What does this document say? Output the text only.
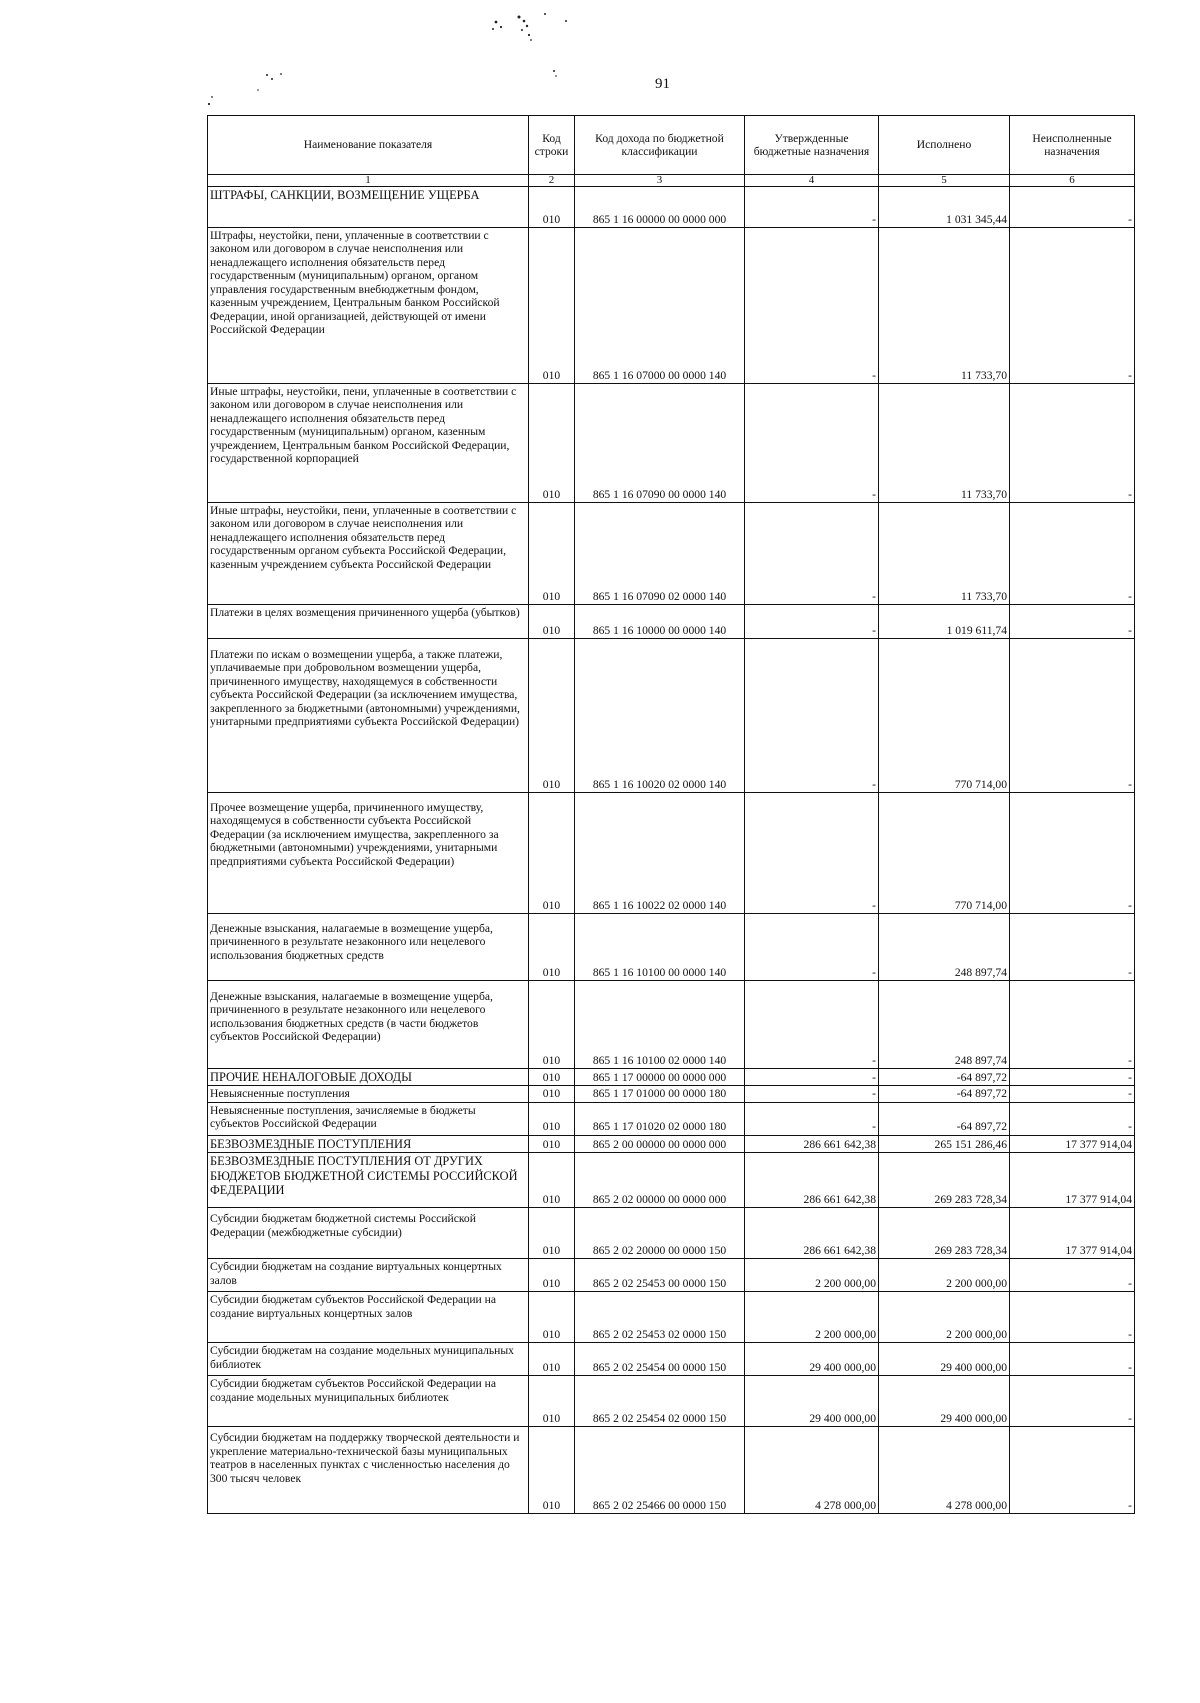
91
Наименование показателя	Код строки	Код дохода по бюджетной классификации	Утвержденные бюджетные назначения	Исполнено	Неисполненные назначения
1	2	3	4	5	6
ШТРАФЫ, САНКЦИИ, ВОЗМЕЩЕНИЕ УЩЕРБА	010	865 1 16 00000 00 0000 000	-	1 031 345,44	-
Штрафы, неустойки, пени, уплаченные в соответствии с законом или договором в случае неисполнения или ненадлежащего исполнения обязательств перед государственным (муниципальным) органом, органом управления государственным внебюджетным фондом, казенным учреждением, Центральным банком Российской Федерации, иной организацией, действующей от имени Российской Федерации	010	865 1 16 07000 00 0000 140	-	11 733,70	-
Иные штрафы, неустойки, пени, уплаченные в соответствии с законом или договором в случае неисполнения или ненадлежащего исполнения обязательств перед государственным (муниципальным) органом, казенным учреждением, Центральным банком Российской Федерации, государственной корпорацией	010	865 1 16 07090 00 0000 140	-	11 733,70	-
Иные штрафы, неустойки, пени, уплаченные в соответствии с законом или договором в случае неисполнения или ненадлежащего исполнения обязательств перед государственным органом субъекта Российской Федерации, казенным учреждением субъекта Российской Федерации	010	865 1 16 07090 02 0000 140	-	11 733,70	-
Платежи в целях возмещения причиненного ущерба (убытков)	010	865 1 16 10000 00 0000 140	-	1 019 611,74	-
Платежи по искам о возмещении ущерба, а также платежи, уплачиваемые при добровольном возмещении ущерба, причиненного имуществу, находящемуся в собственности субъекта Российской Федерации (за исключением имущества, закрепленного за бюджетными (автономными) учреждениями, унитарными предприятиями субъекта Российской Федерации)	010	865 1 16 10020 02 0000 140	-	770 714,00	-
Прочее возмещение ущерба, причиненного имуществу, находящемуся в собственности субъекта Российской Федерации (за исключением имущества, закрепленного за бюджетными (автономными) учреждениями, унитарными предприятиями субъекта Российской Федерации)	010	865 1 16 10022 02 0000 140	-	770 714,00	-
Денежные взыскания, налагаемые в возмещение ущерба, причиненного в результате незаконного или нецелевого использования бюджетных средств	010	865 1 16 10100 00 0000 140	-	248 897,74	-
Денежные взыскания, налагаемые в возмещение ущерба, причиненного в результате незаконного или нецелевого использования бюджетных средств (в части бюджетов субъектов Российской Федерации)	010	865 1 16 10100 02 0000 140	-	248 897,74	-
ПРОЧИЕ НЕНАЛОГОВЫЕ ДОХОДЫ	010	865 1 17 00000 00 0000 000	-	-64 897,72	-
Невыясненные поступления	010	865 1 17 01000 00 0000 180	-	-64 897,72	-
Невыясненные поступления, зачисляемые в бюджеты субъектов Российской Федерации	010	865 1 17 01020 02 0000 180	-	-64 897,72	-
БЕЗВОЗМЕЗДНЫЕ ПОСТУПЛЕНИЯ	010	865 2 00 00000 00 0000 000	286 661 642,38	265 151 286,46	17 377 914,04
БЕЗВОЗМЕЗДНЫЕ ПОСТУПЛЕНИЯ ОТ ДРУГИХ БЮДЖЕТОВ БЮДЖЕТНОЙ СИСТЕМЫ РОССИЙСКОЙ ФЕДЕРАЦИИ	010	865 2 02 00000 00 0000 000	286 661 642,38	269 283 728,34	17 377 914,04
Субсидии бюджетам бюджетной системы Российской Федерации (межбюджетные субсидии)	010	865 2 02 20000 00 0000 150	286 661 642,38	269 283 728,34	17 377 914,04
Субсидии бюджетам на создание виртуальных концертных залов	010	865 2 02 25453 00 0000 150	2 200 000,00	2 200 000,00	-
Субсидии бюджетам субъектов Российской Федерации на создание виртуальных концертных залов	010	865 2 02 25453 02 0000 150	2 200 000,00	2 200 000,00	-
Субсидии бюджетам на создание модельных муниципальных библиотек	010	865 2 02 25454 00 0000 150	29 400 000,00	29 400 000,00	-
Субсидии бюджетам субъектов Российской Федерации на создание модельных муниципальных библиотек	010	865 2 02 25454 02 0000 150	29 400 000,00	29 400 000,00	-
Субсидии бюджетам на поддержку творческой деятельности и укрепление материально-технической базы муниципальных театров в населенных пунктах с численностью населения до 300 тысяч человек	010	865 2 02 25466 00 0000 150	4 278 000,00	4 278 000,00	-
